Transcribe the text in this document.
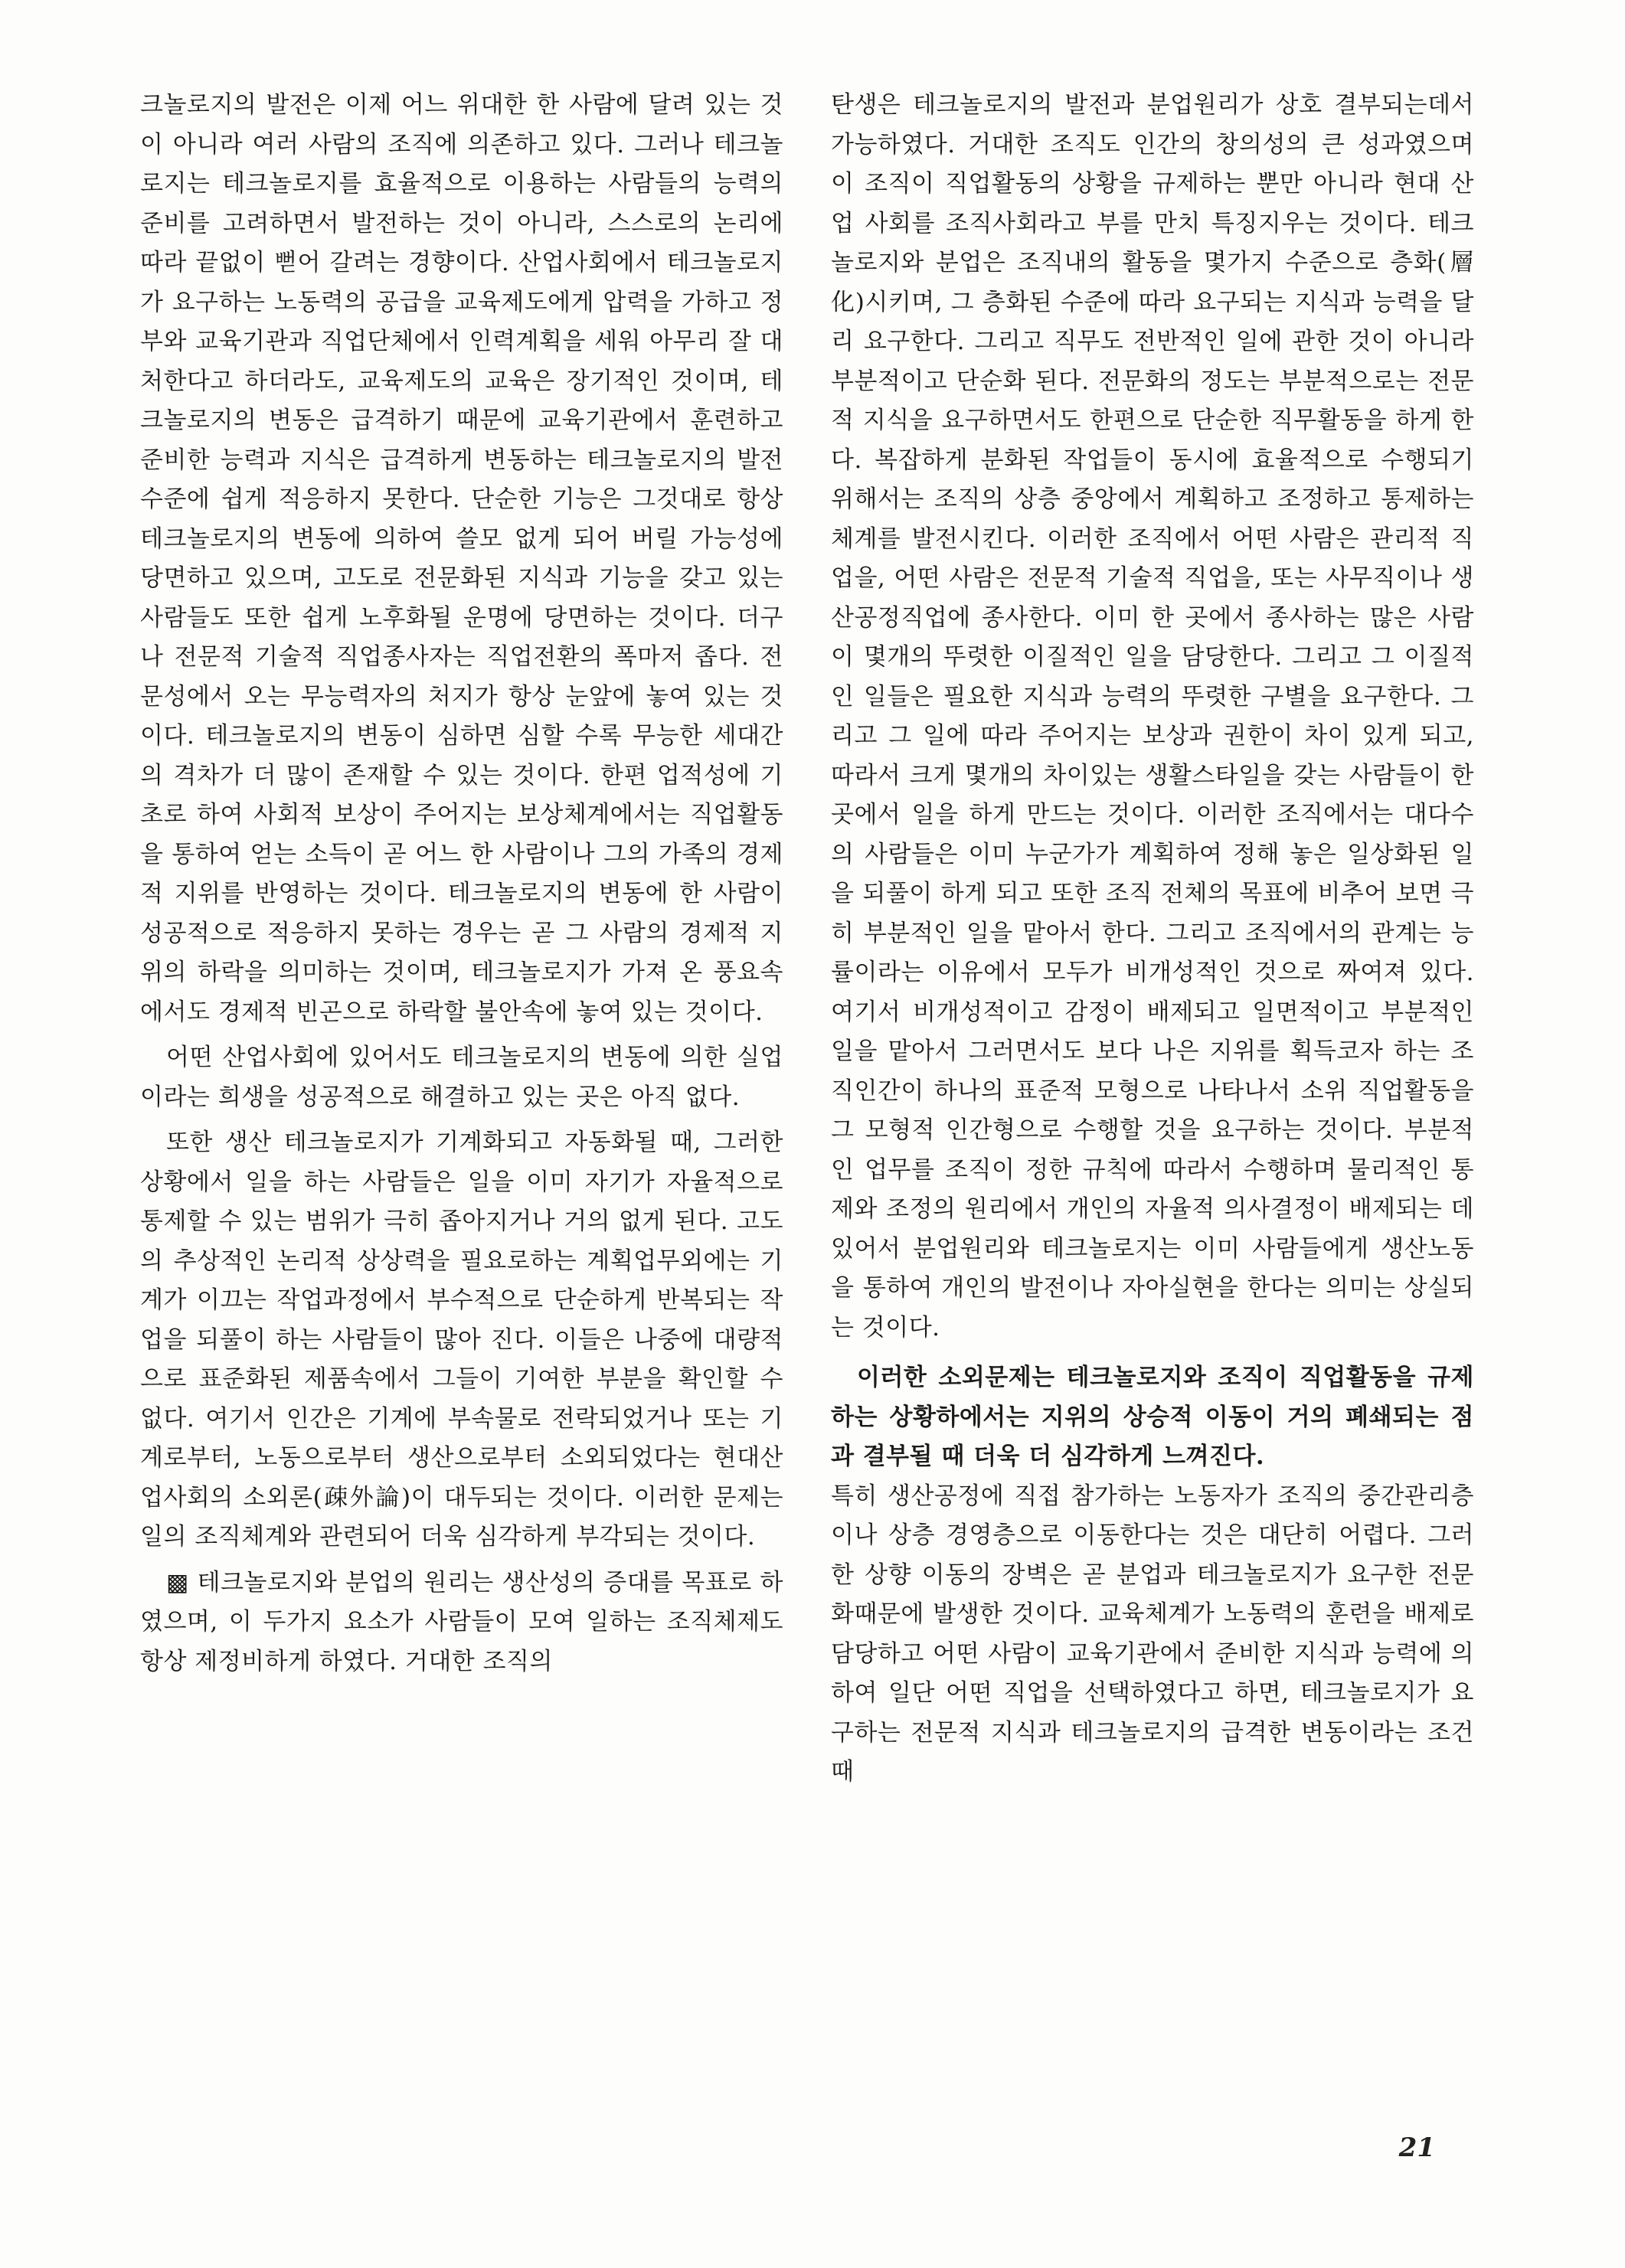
크놀로지의 발전은 이제 어느 위대한 한 사람에 달려 있는 것이 아니라 여러 사람의 조직에 의존하고 있다. 그러나 테크놀로지는 테크놀로지를 효율적으로 이용하는 사람들의 능력의 준비를 고려하면서 발전하는 것이 아니라, 스스로의 논리에 따라 끝없이 뻗어 갈려는 경향이다. 산업사회에서 테크놀로지가 요구하는 노동력의 공급을 교육제도에게 압력을 가하고 정부와 교육기관과 직업단체에서 인력계획을 세워 아무리 잘 대처한다고 하더라도, 교육제도의 교육은 장기적인 것이며, 테크놀로지의 변동은 급격하기 때문에 교육기관에서 훈련하고 준비한 능력과 지식은 급격하게 변동하는 테크놀로지의 발전 수준에 쉽게 적응하지 못한다. 단순한 기능은 그것대로 항상 테크놀로지의 변동에 의하여 쓸모 없게 되어 버릴 가능성에 당면하고 있으며, 고도로 전문화된 지식과 기능을 갖고 있는 사람들도 또한 쉽게 노후화될 운명에 당면하는 것이다. 더구나 전문적 기술적 직업종사자는 직업전환의 폭마저 좁다. 전문성에서 오는 무능력자의 처지가 항상 눈앞에 놓여 있는 것이다. 테크놀로지의 변동이 심하면 심할 수록 무능한 세대간의 격차가 더 많이 존재할 수 있는 것이다. 한편 업적성에 기초로 하여 사회적 보상이 주어지는 보상체계에서는 직업활동을 통하여 얻는 소득이 곧 어느 한 사람이나 그의 가족의 경제적 지위를 반영하는 것이다. 테크놀로지의 변동에 한 사람이 성공적으로 적응하지 못하는 경우는 곧 그 사람의 경제적 지위의 하락을 의미하는 것이며, 테크놀로지가 가져 온 풍요속에서도 경제적 빈곤으로 하락할 불안속에 놓여 있는 것이다.

어떤 산업사회에 있어서도 테크놀로지의 변동에 의한 실업이라는 희생을 성공적으로 해결하고 있는 곳은 아직 없다.

또한 생산 테크놀로지가 기계화되고 자동화될 때, 그러한 상황에서 일을 하는 사람들은 일을 이미 자기가 자율적으로 통제할 수 있는 범위가 극히 좁아지거나 거의 없게 된다. 고도의 추상적인 논리적 상상력을 필요로하는 계획업무외에는 기계가 이끄는 작업과정에서 부수적으로 단순하게 반복되는 작업을 되풀이 하는 사람들이 많아 진다. 이들은 나중에 대량적으로 표준화된 제품속에서 그들이 기여한 부분을 확인할 수 없다. 여기서 인간은 기계에 부속물로 전락되었거나 또는 기계로부터, 노동으로부터 생산으로부터 소외되었다는 현대산업사회의 소외론(疎外論)이 대두되는 것이다. 이러한 문제는 일의 조직체계와 관련되어 더욱 심각하게 부각되는 것이다.

▩ 테크놀로지와 분업의 원리는 생산성의 증대를 목표로 하였으며, 이 두가지 요소가 사람들이 모여 일하는 조직체제도 항상 제정비하게 하였다. 거대한 조직의

탄생은 테크놀로지의 발전과 분업원리가 상호 결부되는데서 가능하였다. 거대한 조직도 인간의 창의성의 큰 성과였으며 이 조직이 직업활동의 상황을 규제하는 뿐만 아니라 현대 산업 사회를 조직사회라고 부를 만치 특징지우는 것이다. 테크놀로지와 분업은 조직내의 활동을 몇가지 수준으로 층화(層化)시키며, 그 층화된 수준에 따라 요구되는 지식과 능력을 달리 요구한다. 그리고 직무도 전반적인 일에 관한 것이 아니라 부분적이고 단순화 된다. 전문화의 정도는 부분적으로는 전문적 지식을 요구하면서도 한편으로 단순한 직무활동을 하게 한다. 복잡하게 분화된 작업들이 동시에 효율적으로 수행되기 위해서는 조직의 상층 중앙에서 계획하고 조정하고 통제하는 체계를 발전시킨다. 이러한 조직에서 어떤 사람은 관리적 직업을, 어떤 사람은 전문적 기술적 직업을, 또는 사무직이나 생산공정직업에 종사한다. 이미 한 곳에서 종사하는 많은 사람이 몇개의 뚜렷한 이질적인 일을 담당한다. 그리고 그 이질적인 일들은 필요한 지식과 능력의 뚜렷한 구별을 요구한다. 그리고 그 일에 따라 주어지는 보상과 권한이 차이 있게 되고, 따라서 크게 몇개의 차이있는 생활스타일을 갖는 사람들이 한곳에서 일을 하게 만드는 것이다. 이러한 조직에서는 대다수의 사람들은 이미 누군가가 계획하여 정해 놓은 일상화된 일을 되풀이 하게 되고 또한 조직 전체의 목표에 비추어 보면 극히 부분적인 일을 맡아서 한다. 그리고 조직에서의 관계는 능률이라는 이유에서 모두가 비개성적인 것으로 짜여져 있다. 여기서 비개성적이고 감정이 배제되고 일면적이고 부분적인 일을 맡아서 그러면서도 보다 나은 지위를 획득코자 하는 조직인간이 하나의 표준적 모형으로 나타나서 소위 직업활동을 그 모형적 인간형으로 수행할 것을 요구하는 것이다. 부분적인 업무를 조직이 정한 규칙에 따라서 수행하며 물리적인 통제와 조정의 원리에서 개인의 자율적 의사결정이 배제되는 데 있어서 분업원리와 테크놀로지는 이미 사람들에게 생산노동을 통하여 개인의 발전이나 자아실현을 한다는 의미는 상실되는 것이다.

이러한 소외문제는 테크놀로지와 조직이 직업활동을 규제하는 상황하에서는 지위의 상승적 이동이 거의 폐쇄되는 점과 결부될 때 더욱 더 심각하게 느껴진다.

특히 생산공정에 직접 참가하는 노동자가 조직의 중간관리층이나 상층 경영층으로 이동한다는 것은 대단히 어렵다. 그러한 상향 이동의 장벽은 곧 분업과 테크놀로지가 요구한 전문화때문에 발생한 것이다. 교육체계가 노동력의 훈련을 배제로 담당하고 어떤 사람이 교육기관에서 준비한 지식과 능력에 의하여 일단 어떤 직업을 선택하였다고 하면, 테크놀로지가 요구하는 전문적 지식과 테크놀로지의 급격한 변동이라는 조건때

21
